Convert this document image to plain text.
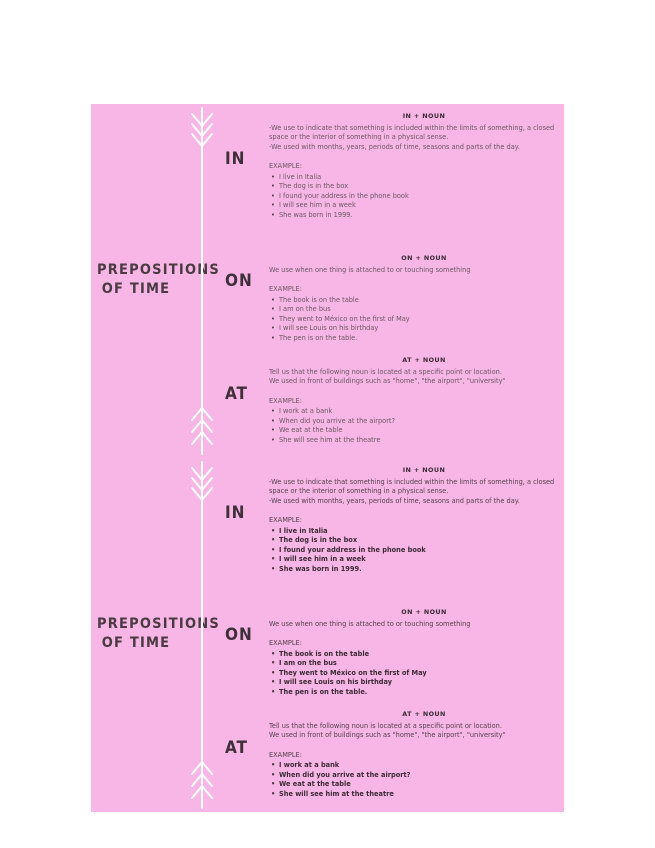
PREPOSITIONS
OF TIME
IN
ON
AT
IN + NOUN
-We use to indicate that something is included within the limits of something, a closed space or the interior of something in a physical sense.
-We used with months, years, periods of time, seasons and parts of the day.
EXAMPLE:
• I live in Italia
• The dog is in the box
• I found your address in the phone book
• I will see him in a week
• She was born in 1999.
ON + NOUN
We use when one thing is attached to or touching something
EXAMPLE:
• The book is on the table
• I am on the bus
• They went to México on the first of May
• I will see Louis on his birthday
• The pen is on the table.
AT + NOUN
Tell us that the following noun is located at a specific point or location.
We used in front of buildings such as "home", "the airport", "university"
EXAMPLE:
• I work at a bank
• When did you arrive at the airport?
• We eat at the table
• She will see him at the theatre
PREPOSITIONS
OF TIME
IN
ON
AT
IN + NOUN
-We use to indicate that something is included within the limits of something, a closed space or the interior of something in a physical sense.
-We used with months, years, periods of time, seasons and parts of the day.
EXAMPLE:
• I live in Italia
• The dog is in the box
• I found your address in the phone book
• I will see him in a week
• She was born in 1999.
ON + NOUN
We use when one thing is attached to or touching something
EXAMPLE:
• The book is on the table
• I am on the bus
• They went to México on the first of May
• I will see Louis on his birthday
• The pen is on the table.
AT + NOUN
Tell us that the following noun is located at a specific point or location.
We used in front of buildings such as "home", "the airport", "university"
EXAMPLE:
• I work at a bank
• When did you arrive at the airport?
• We eat at the table
• She will see him at the theatre
